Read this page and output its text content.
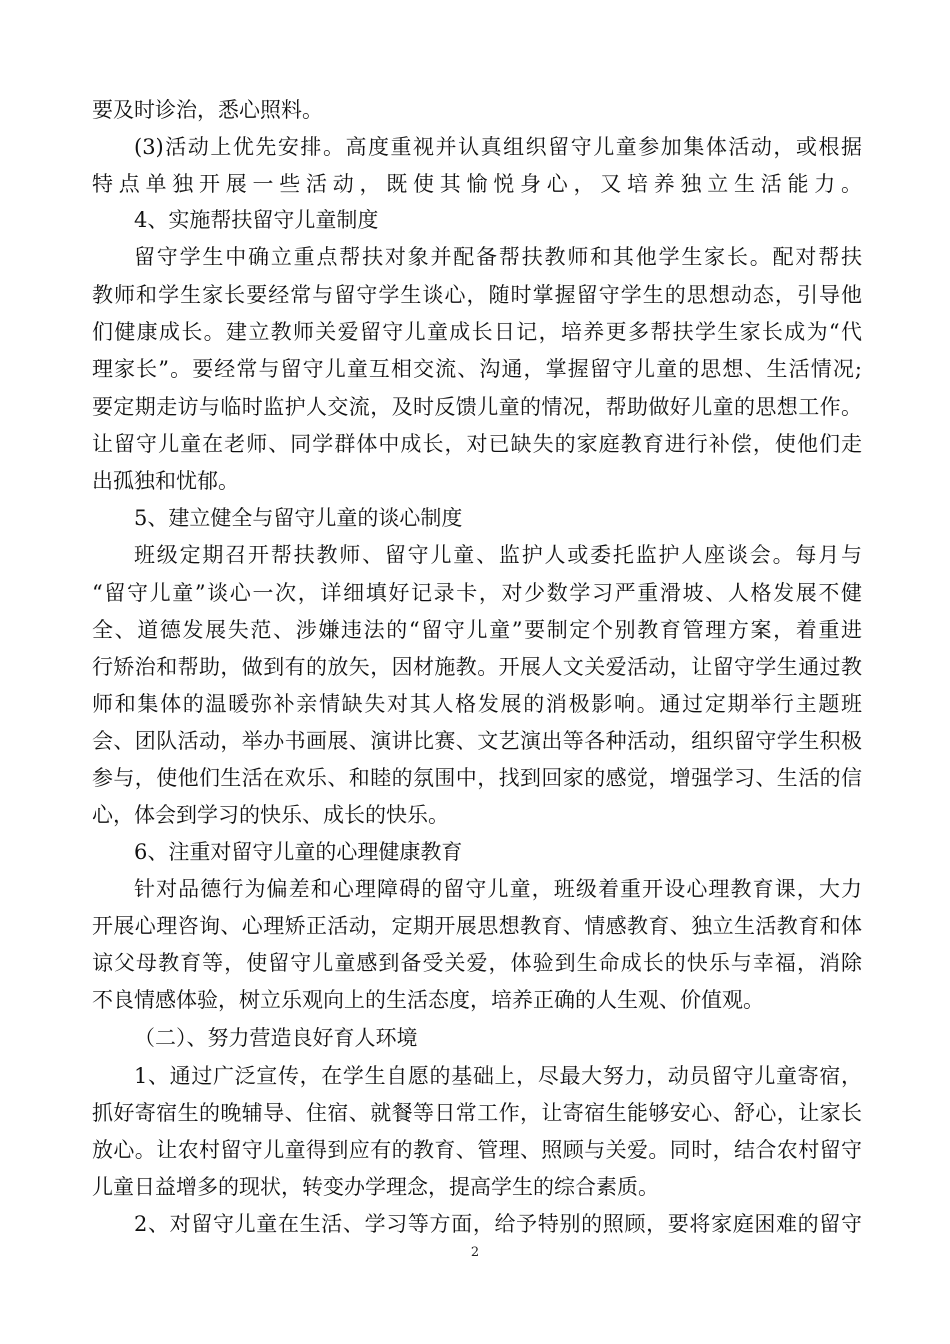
要及时诊治，悉心照料。
(3)活动上优先安排。高度重视并认真组织留守儿童参加集体活动，或根据
特点单独开展一些活动，既使其愉悦身心，又培养独立生活能力。
4、实施帮扶留守儿童制度
留守学生中确立重点帮扶对象并配备帮扶教师和其他学生家长。配对帮扶
教师和学生家长要经常与留守学生谈心，随时掌握留守学生的思想动态，引导他
们健康成长。建立教师关爱留守儿童成长日记，培养更多帮扶学生家长成为“代
理家长”。要经常与留守儿童互相交流、沟通，掌握留守儿童的思想、生活情况;
要定期走访与临时监护人交流，及时反馈儿童的情况，帮助做好儿童的思想工作。
让留守儿童在老师、同学群体中成长，对已缺失的家庭教育进行补偿，使他们走
出孤独和忧郁。
5、建立健全与留守儿童的谈心制度
班级定期召开帮扶教师、留守儿童、监护人或委托监护人座谈会。每月与
“留守儿童”谈心一次，详细填好记录卡，对少数学习严重滑坡、人格发展不健
全、道德发展失范、涉嫌违法的“留守儿童”要制定个别教育管理方案，着重进
行矫治和帮助，做到有的放矢，因材施教。开展人文关爱活动，让留守学生通过教
师和集体的温暖弥补亲情缺失对其人格发展的消极影响。通过定期举行主题班
会、团队活动，举办书画展、演讲比赛、文艺演出等各种活动，组织留守学生积极
参与，使他们生活在欢乐、和睦的氛围中，找到回家的感觉，增强学习、生活的信
心，体会到学习的快乐、成长的快乐。
6、注重对留守儿童的心理健康教育
针对品德行为偏差和心理障碍的留守儿童，班级着重开设心理教育课，大力
开展心理咨询、心理矫正活动，定期开展思想教育、情感教育、独立生活教育和体
谅父母教育等，使留守儿童感到备受关爱，体验到生命成长的快乐与幸福，消除
不良情感体验，树立乐观向上的生活态度，培养正确的人生观、价值观。
（二）、努力营造良好育人环境
1、通过广泛宣传，在学生自愿的基础上，尽最大努力，动员留守儿童寄宿，
抓好寄宿生的晚辅导、住宿、就餐等日常工作，让寄宿生能够安心、舒心，让家长
放心。让农村留守儿童得到应有的教育、管理、照顾与关爱。同时，结合农村留守
儿童日益增多的现状，转变办学理念，提高学生的综合素质。
2、对留守儿童在生活、学习等方面，给予特别的照顾，要将家庭困难的留守
2
